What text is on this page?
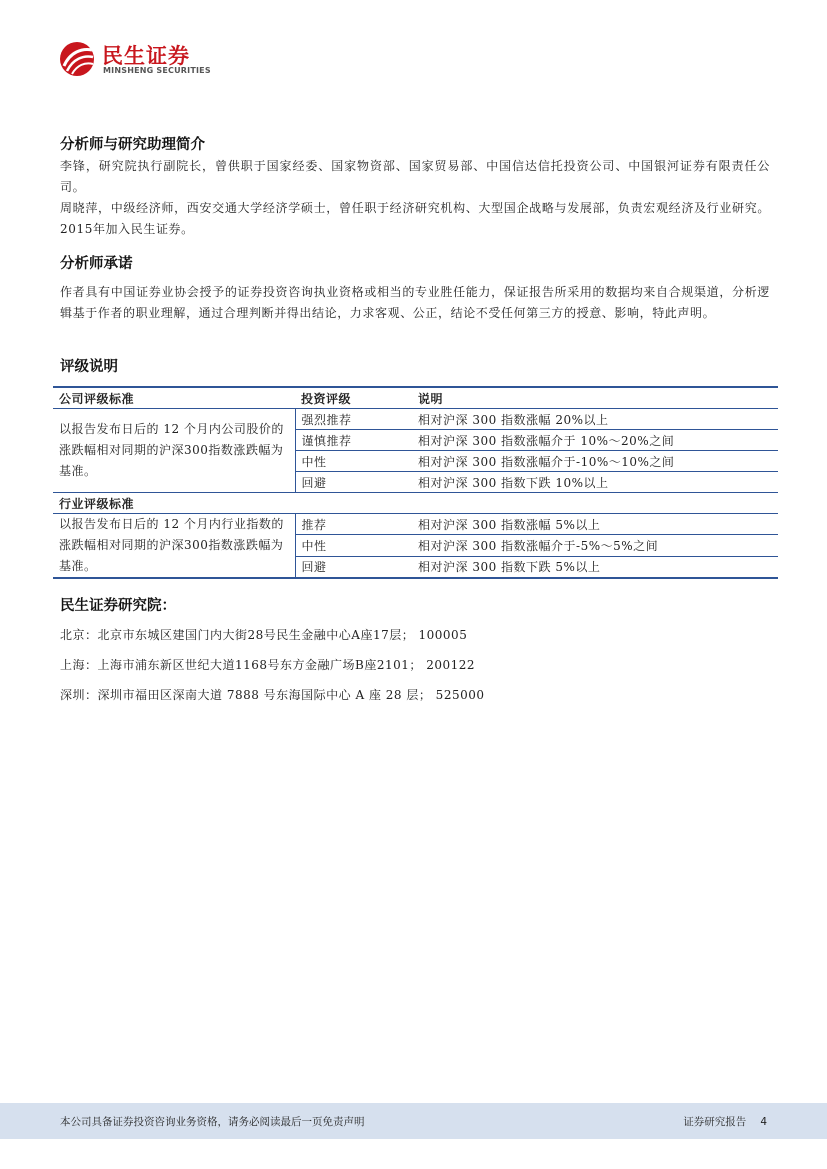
民生证券
MINSHENG SECURITIES
分析师与研究助理简介
李锋，研究院执行副院长，曾供职于国家经委、国家物资部、国家贸易部、中国信达信托投资公司、中国银河证券有限责任公司。
周晓萍，中级经济师，西安交通大学经济学硕士，曾任职于经济研究机构、大型国企战略与发展部，负责宏观经济及行业研究。2015年加入民生证券。
分析师承诺
作者具有中国证券业协会授予的证券投资咨询执业资格或相当的专业胜任能力，保证报告所采用的数据均来自合规渠道，分析逻辑基于作者的职业理解，通过合理判断并得出结论，力求客观、公正，结论不受任何第三方的授意、影响，特此声明。
评级说明
公司评级标准	投资评级	说明
以报告发布日后的 12 个月内公司股价的涨跌幅相对同期的沪深300指数涨跌幅为基准。	强烈推荐	相对沪深 300 指数涨幅 20%以上
	谨慎推荐	相对沪深 300 指数涨幅介于 10%～20%之间
	中性	相对沪深 300 指数涨幅介于-10%～10%之间
	回避	相对沪深 300 指数下跌 10%以上
行业评级标准		
以报告发布日后的 12 个月内行业指数的涨跌幅相对同期的沪深300指数涨跌幅为基准。	推荐	相对沪深 300 指数涨幅 5%以上
	中性	相对沪深 300 指数涨幅介于-5%～5%之间
	回避	相对沪深 300 指数下跌 5%以上
民生证券研究院：
北京：北京市东城区建国门内大街28号民生金融中心A座17层； 100005
上海：上海市浦东新区世纪大道1168号东方金融广场B座2101； 200122
深圳：深圳市福田区深南大道 7888 号东海国际中心 A 座 28 层； 525000
本公司具备证券投资咨询业务资格，请务必阅读最后一页免责声明	证券研究报告 4
